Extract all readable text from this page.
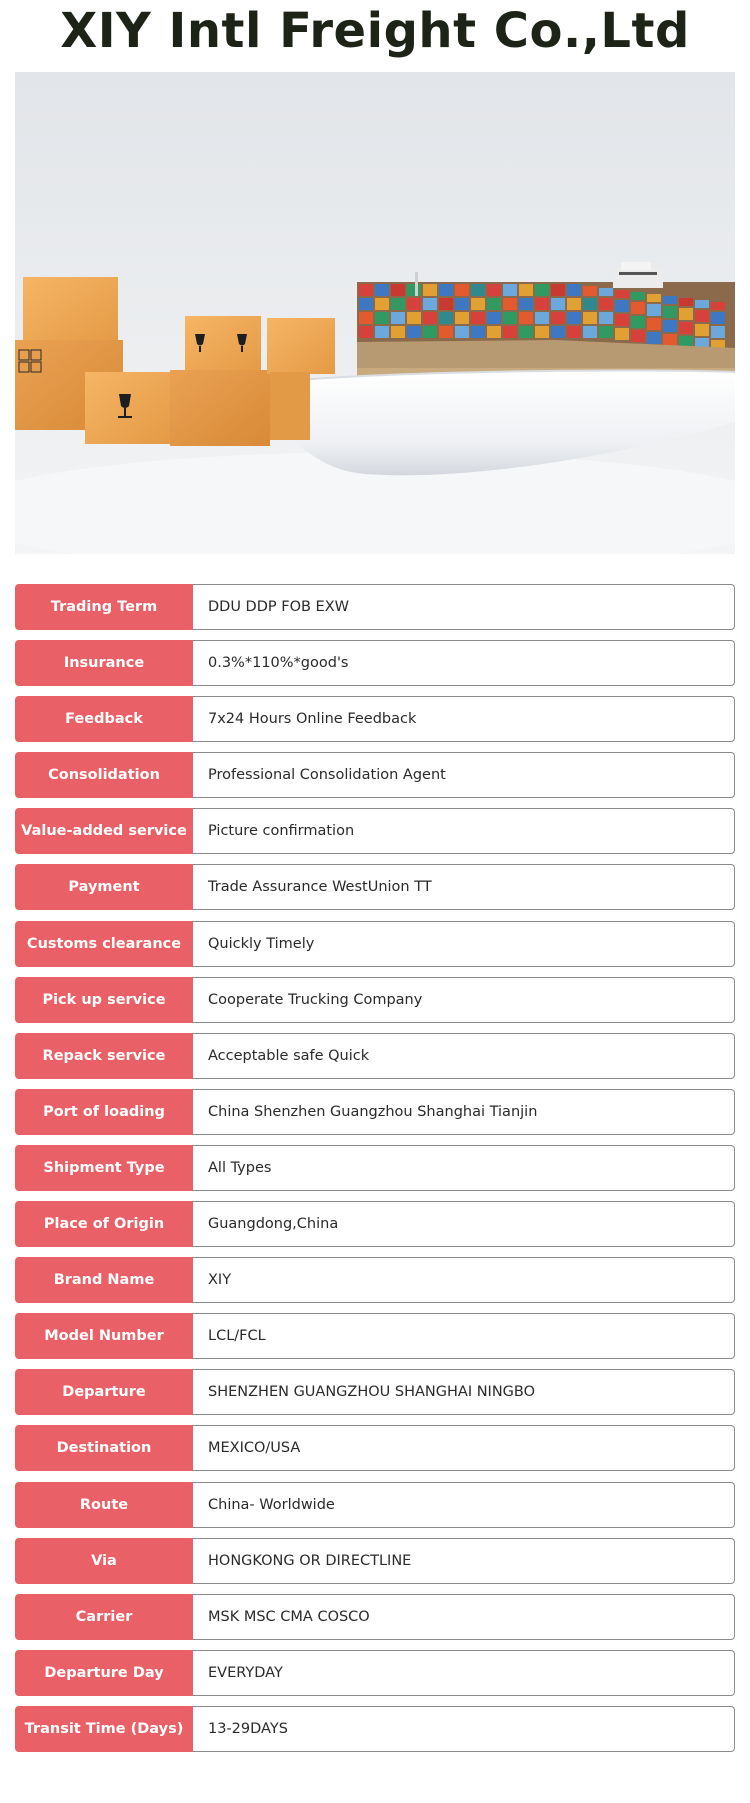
XIY Intl Freight Co.,Ltd
Trading Term	DDU DDP FOB EXW
Insurance	0.3%*110%*good's
Feedback	7x24 Hours Online Feedback
Consolidation	Professional Consolidation Agent
Value-added service	Picture confirmation
Payment	Trade Assurance WestUnion TT
Customs clearance	Quickly Timely
Pick up service	Cooperate Trucking Company
Repack service	Acceptable safe Quick
Port of loading	China Shenzhen Guangzhou Shanghai Tianjin
Shipment Type	All Types
Place of Origin	Guangdong,China
Brand Name	XIY
Model Number	LCL/FCL
Departure	SHENZHEN GUANGZHOU SHANGHAI NINGBO
Destination	MEXICO/USA
Route	China- Worldwide
Via	HONGKONG OR DIRECTLINE
Carrier	MSK MSC CMA COSCO
Departure Day	EVERYDAY
Transit Time (Days)	13-29DAYS
